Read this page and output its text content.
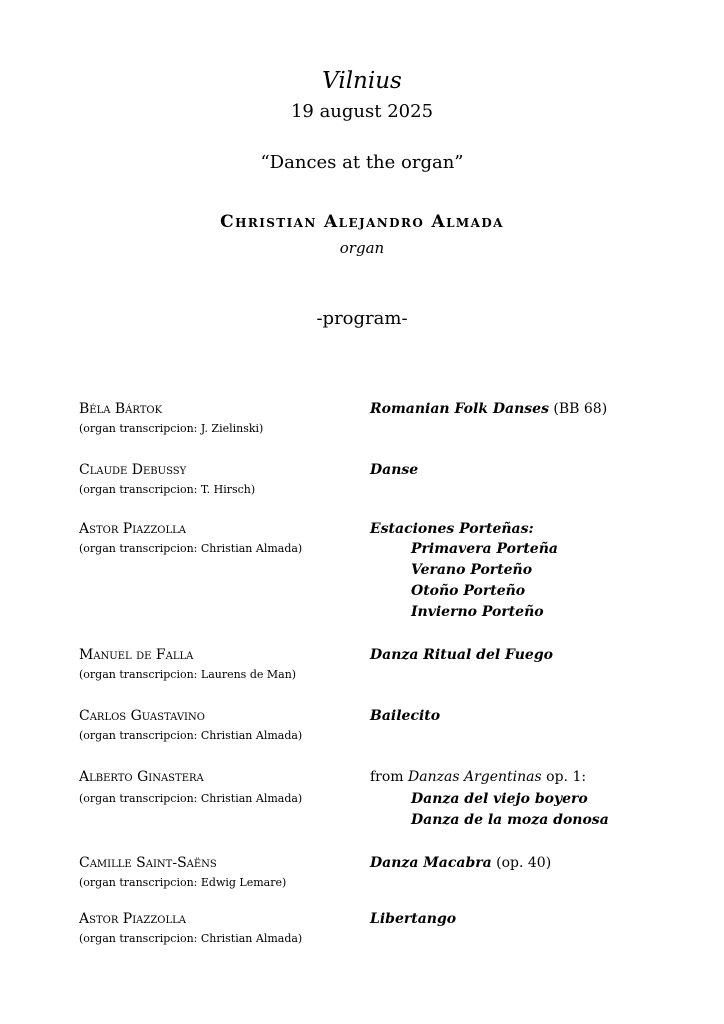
Vilnius
19 august 2025
“Dances at the organ”
Christian Alejandro Almada
organ
-program-
Béla Bártok
(organ transcripcion: J. Zielinski)
Romanian Folk Danses (BB 68)
Claude Debussy
(organ transcripcion: T. Hirsch)
Danse
Astor Piazzolla
(organ transcripcion: Christian Almada)
Estaciones Porteñas:
Primavera Porteña
Verano Porteño
Otoño Porteño
Invierno Porteño
Manuel de Falla
(organ transcripcion: Laurens de Man)
Danza Ritual del Fuego
Carlos Guastavino
(organ transcripcion: Christian Almada)
Bailecito
Alberto Ginastera
(organ transcripcion: Christian Almada)
from Danzas Argentinas op. 1:
Danza del viejo boyero
Danza de la moza donosa
Camille Saint-Saëns
(organ transcripcion: Edwig Lemare)
Danza Macabra (op. 40)
Astor Piazzolla
(organ transcripcion: Christian Almada)
Libertango
